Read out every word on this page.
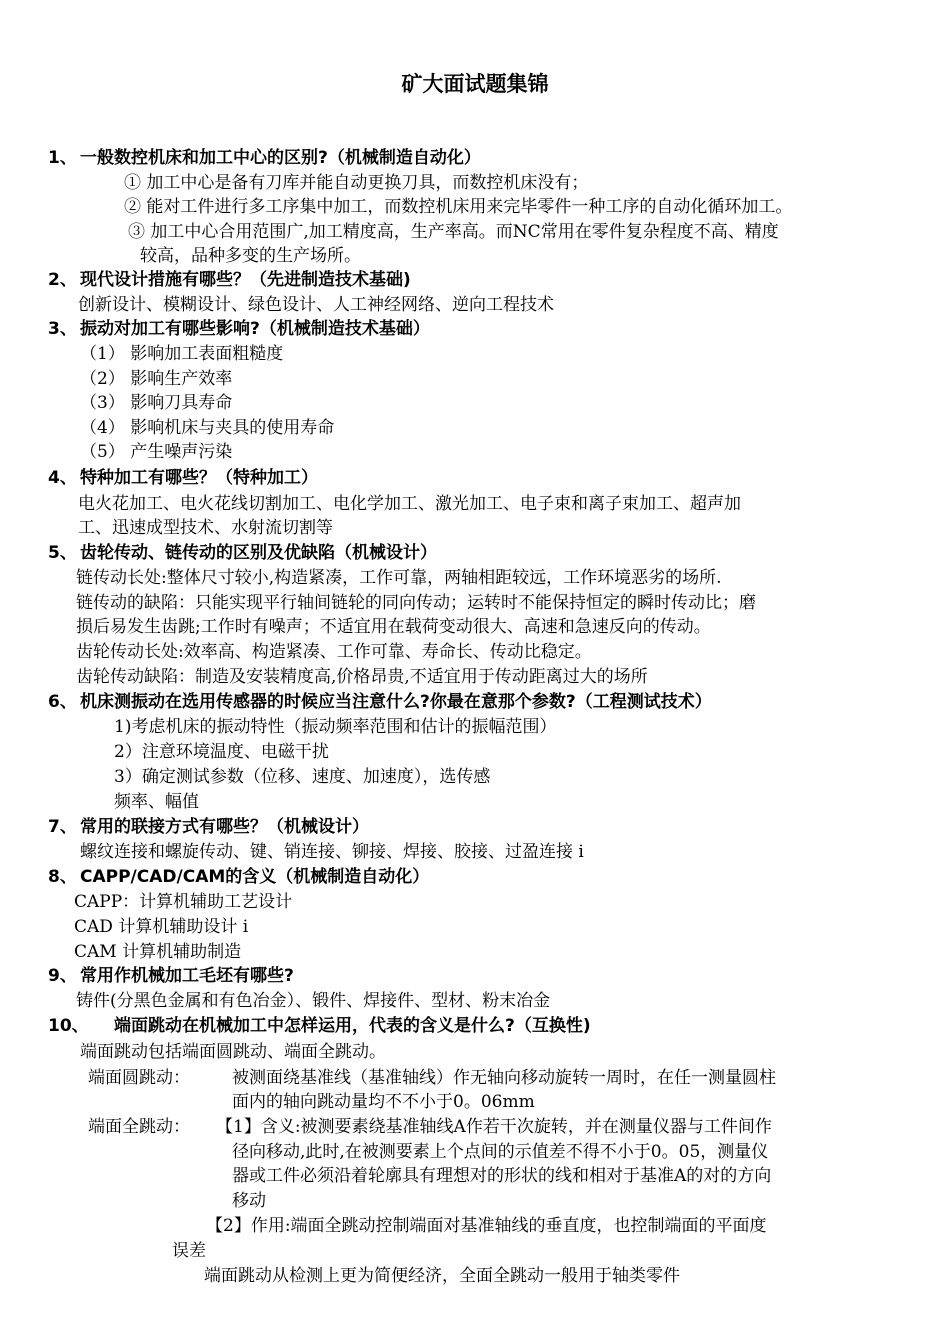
矿大面试题集锦
1、 一般数控机床和加工中心的区别?（机械制造自动化）
① 加工中心是备有刀库并能自动更换刀具，而数控机床没有；
② 能对工件进行多工序集中加工，而数控机床用来完毕零件一种工序的自动化循环加工。
③ 加工中心合用范围广,加工精度高，生产率高。而NC常用在零件复杂程度不高、精度
较高，品种多变的生产场所。
2、 现代设计措施有哪些？（先进制造技术基础)
创新设计、模糊设计、绿色设计、人工神经网络、逆向工程技术
3、 振动对加工有哪些影响?（机械制造技术基础）
（1） 影响加工表面粗糙度
（2） 影响生产效率
（3） 影响刀具寿命
（4） 影响机床与夹具的使用寿命
（5） 产生噪声污染
4、 特种加工有哪些？（特种加工）
电火花加工、电火花线切割加工、电化学加工、激光加工、电子束和离子束加工、超声加
工、迅速成型技术、水射流切割等
5、 齿轮传动、链传动的区别及优缺陷（机械设计）
链传动长处:整体尺寸较小,构造紧凑，工作可靠，两轴相距较远，工作环境恶劣的场所.
链传动的缺陷：只能实现平行轴间链轮的同向传动；运转时不能保持恒定的瞬时传动比；磨
损后易发生齿跳;工作时有噪声；不适宜用在载荷变动很大、高速和急速反向的传动。
齿轮传动长处:效率高、构造紧凑、工作可靠、寿命长、传动比稳定。
齿轮传动缺陷：制造及安装精度高,价格昂贵,不适宜用于传动距离过大的场所
6、 机床测振动在选用传感器的时候应当注意什么?你最在意那个参数?（工程测试技术）
1)考虑机床的振动特性（振动频率范围和估计的振幅范围）
2）注意环境温度、电磁干扰
3）确定测试参数（位移、速度、加速度），选传感
频率、幅值
7、 常用的联接方式有哪些？（机械设计）
螺纹连接和螺旋传动、键、销连接、铆接、焊接、胶接、过盈连接 i
8、 CAPP/CAD/CAM的含义（机械制造自动化）
CAPP：计算机辅助工艺设计
CAD 计算机辅助设计 i
CAM 计算机辅助制造
9、 常用作机械加工毛坯有哪些?
铸件(分黑色金属和有色冶金）、锻件、焊接件、型材、粉末冶金
10、 端面跳动在机械加工中怎样运用，代表的含义是什么?（互换性)
端面跳动包括端面圆跳动、端面全跳动。
端面圆跳动： 被测面绕基准线（基准轴线）作无轴向移动旋转一周时，在任一测量圆柱
面内的轴向跳动量均不不小于0。06mm
端面全跳动： 【1】含义:被测要素绕基准轴线A作若干次旋转，并在测量仪器与工件间作
径向移动,此时,在被测要素上个点间的示值差不得不小于0。05，测量仪
器或工件必须沿着轮廓具有理想对的形状的线和相对于基准A的对的方向
移动
【2】作用:端面全跳动控制端面对基准轴线的垂直度，也控制端面的平面度
误差
端面跳动从检测上更为简便经济，全面全跳动一般用于轴类零件
